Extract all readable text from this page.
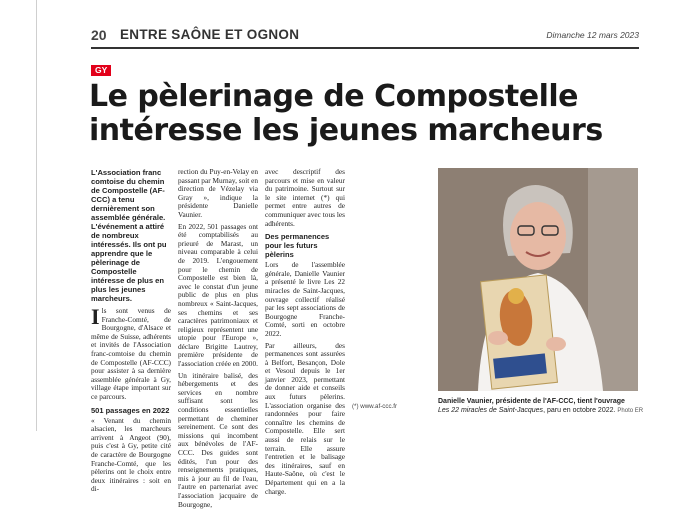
20 ENTRE SAÔNE ET OGNON	Dimanche 12 mars 2023
GY
Le pèlerinage de Compostelle
intéresse les jeunes marcheurs

L'Association franc comtoise du chemin de Compostelle (AF-CCC) a tenu dernièrement son assemblée générale. L'événement a attiré de nombreux intéressés. Ils ont pu apprendre que le pèlerinage de Compostelle intéresse de plus en plus les jeunes marcheurs.

Ils sont venus de Franche-Comté, de Bourgogne, d'Alsace et même de Suisse, adhérents et invités de l'Association franc-comtoise du chemin de Compostelle (AF-CCC) pour assister à sa dernière assemblée générale à Gy, village étape important sur ce parcours.

501 passages en 2022

« Venant du chemin alsacien, les marcheurs arrivent à Angeot (90), puis c'est à Gy, petite cité de caractère de Bourgogne Franche-Comté, que les pèlerins ont le choix entre deux itinéraires : soit en di-

rection du Puy-en-Velay en passant par Murnay, soit en direction de Vézelay via Gray », indique la présidente Danielle Vaunier.

En 2022, 501 passages ont été comptabilisés au prieuré de Marast, un niveau comparable à celui de 2019. L'engouement pour le chemin de Compostelle est bien là, avec le constat d'un jeune public de plus en plus nombreux « Saint-Jacques, ses chemins et ses caractères patrimoniaux et religieux représentent une utopie pour l'Europe », déclare Brigitte Lautrey, première présidente de l'association créée en 2000.

Un itinéraire balisé, des hébergements et des services en nombre suffisant sont les conditions essentielles permettant de cheminer sereinement. Ce sont des missions qui incombent aux bénévoles de l'AF-CCC. Des guides sont édités, l'un pour des renseignements pratiques, mis à jour au fil de l'eau, l'autre en partenariat avec l'association jacquaire de Bourgogne,

avec descriptif des parcours et mise en valeur du patrimoine. Surtout sur le site internet (*) qui permet entre autres de communiquer avec tous les adhérents.

Des permanences pour les futurs pèlerins

Lors de l'assemblée générale, Danielle Vaunier a présenté le livre Les 22 miracles de Saint-Jacques, ouvrage collectif réalisé par les sept associations de Bourgogne Franche-Comté, sorti en octobre 2022.

Par ailleurs, des permanences sont assurées à Belfort, Besançon, Dole et Vesoul depuis le 1er janvier 2023, permettant de donner aide et conseils aux futurs pèlerins. L'association organise des randonnées pour faire connaître les chemins de Compostelle. Elle sert aussi de relais sur le terrain. Elle assure l'entretien et le balisage des itinéraires, sauf en Haute-Saône, où c'est le Département qui en a la charge.

(*) www.af-ccc.fr
Danielle Vaunier, présidente de l'AF-CCC, tient l'ouvrage
Les 22 miracles de Saint-Jacques, paru en octobre 2022. Photo ER
